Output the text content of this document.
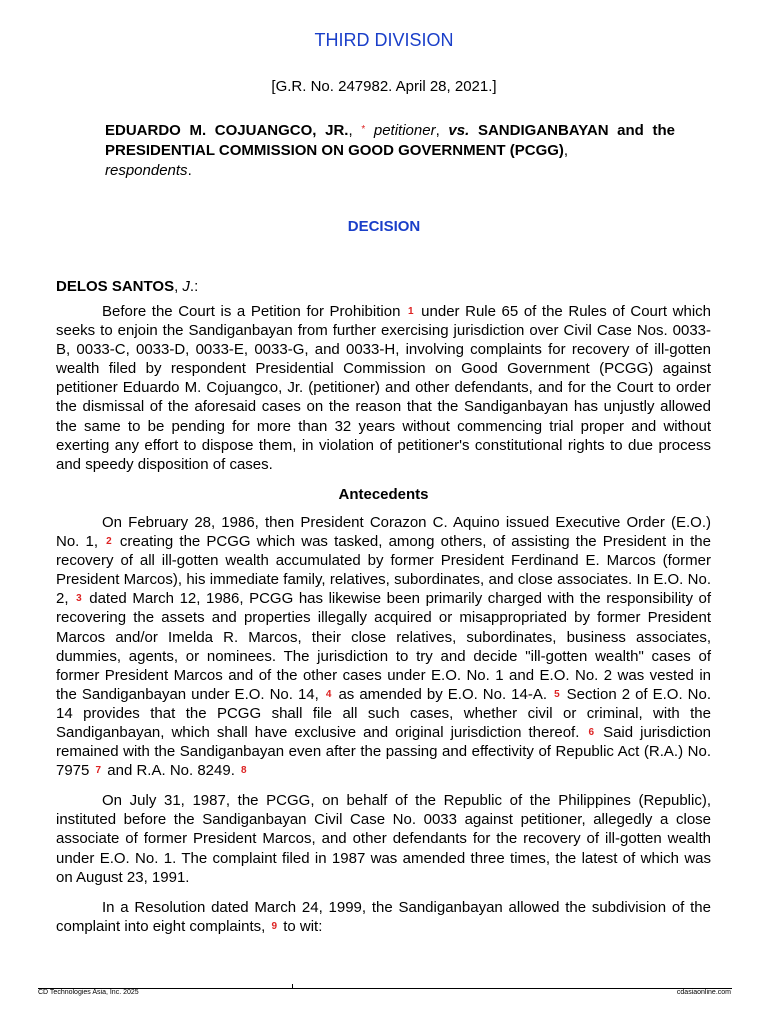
THIRD DIVISION
[G.R. No. 247982. April 28, 2021.]
EDUARDO M. COJUANGCO, JR., * petitioner, vs. SANDIGANBAYAN and the PRESIDENTIAL COMMISSION ON GOOD GOVERNMENT (PCGG),
respondents.
DECISION
DELOS SANTOS, J.:

Before the Court is a Petition for Prohibition 1 under Rule 65 of the Rules of Court which seeks to enjoin the Sandiganbayan from further exercising jurisdiction over Civil Case Nos. 0033-B, 0033-C, 0033-D, 0033-E, 0033-G, and 0033-H, involving complaints for recovery of ill-gotten wealth filed by respondent Presidential Commission on Good Government (PCGG) against petitioner Eduardo M. Cojuangco, Jr. (petitioner) and other defendants, and for the Court to order the dismissal of the aforesaid cases on the reason that the Sandiganbayan has unjustly allowed the same to be pending for more than 32 years without commencing trial proper and without exerting any effort to dispose them, in violation of petitioner's constitutional rights to due process and speedy disposition of cases.

Antecedents

On February 28, 1986, then President Corazon C. Aquino issued Executive Order (E.O.) No. 1, 2 creating the PCGG which was tasked, among others, of assisting the President in the recovery of all ill-gotten wealth accumulated by former President Ferdinand E. Marcos (former President Marcos), his immediate family, relatives, subordinates, and close associates. In E.O. No. 2, 3 dated March 12, 1986, PCGG has likewise been primarily charged with the responsibility of recovering the assets and properties illegally acquired or misappropriated by former President Marcos and/or Imelda R. Marcos, their close relatives, subordinates, business associates, dummies, agents, or nominees. The jurisdiction to try and decide "ill-gotten wealth" cases of former President Marcos and of the other cases under E.O. No. 1 and E.O. No. 2 was vested in the Sandiganbayan under E.O. No. 14, 4 as amended by E.O. No. 14-A. 5 Section 2 of E.O. No. 14 provides that the PCGG shall file all such cases, whether civil or criminal, with the Sandiganbayan, which shall have exclusive and original jurisdiction thereof. 6 Said jurisdiction remained with the Sandiganbayan even after the passing and effectivity of Republic Act (R.A.) No. 7975 7 and R.A. No. 8249. 8

On July 31, 1987, the PCGG, on behalf of the Republic of the Philippines (Republic), instituted before the Sandiganbayan Civil Case No. 0033 against petitioner, allegedly a close associate of former President Marcos, and other defendants for the recovery of ill-gotten wealth under E.O. No. 1. The complaint filed in 1987 was amended three times, the latest of which was on August 23, 1991.

In a Resolution dated March 24, 1999, the Sandiganbayan allowed the subdivision of the complaint into eight complaints, 9 to wit:

CD Technologies Asia, Inc. 2025	cdasiaonline.com
